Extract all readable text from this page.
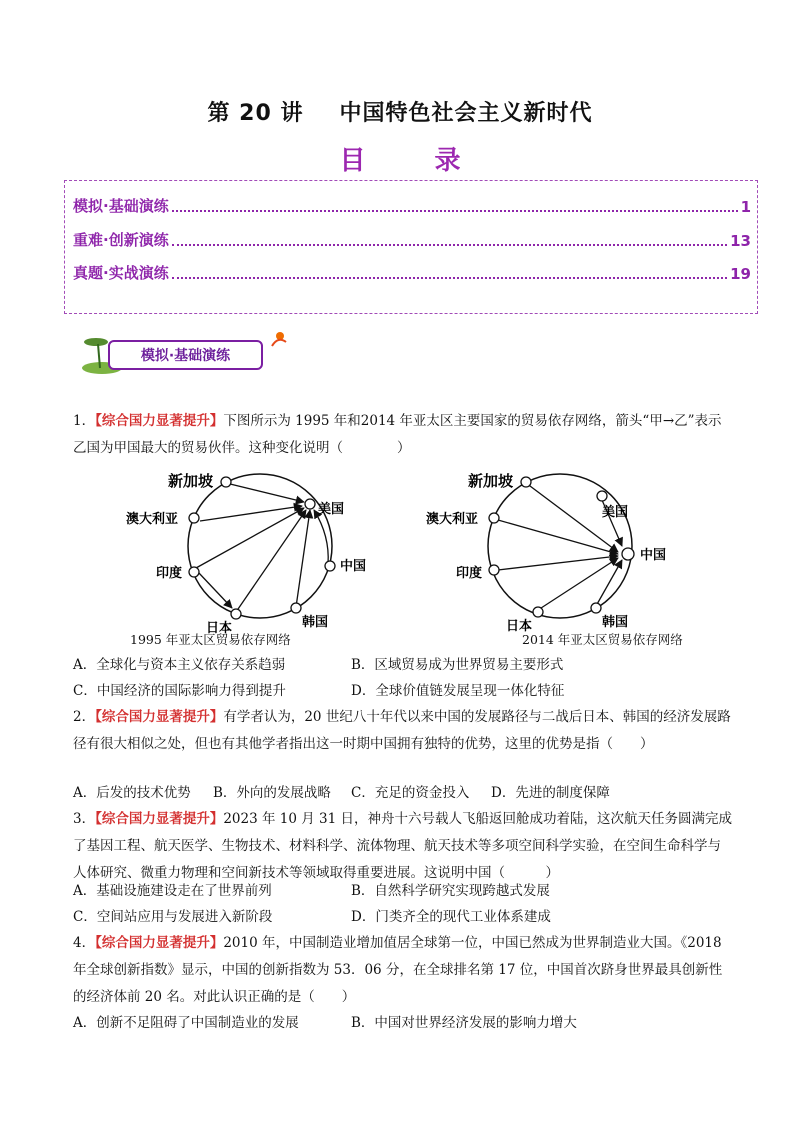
第 20 讲 中国特色社会主义新时代
目 录
模拟·基础演练	1
重难·创新演练	13
真题·实战演练	19
模拟·基础演练
1．【综合国力显著提升】下图所示为 1995 年和2014 年亚太区主要国家的贸易依存网络，箭头“甲→乙”表示乙国为甲国最大的贸易伙伴。这种变化说明（　　　　）
新加坡
美国
澳大利亚
中国
印度
日本	韩国
新加坡
美国
澳大利亚
中国
印度
日本	韩国
1995 年亚太区贸易依存网络	2014 年亚太区贸易依存网络
A．全球化与资本主义依存关系趋弱	B．区域贸易成为世界贸易主要形式
C．中国经济的国际影响力得到提升	D．全球价值链发展呈现一体化特征
2．【综合国力显著提升】有学者认为，20 世纪八十年代以来中国的发展路径与二战后日本、韩国的经济发展路径有很大相似之处，但也有其他学者指出这一时期中国拥有独特的优势，这里的优势是指（　　）
A．后发的技术优势 B．外向的发展战略 C．充足的资金投入 D．先进的制度保障
3．【综合国力显著提升】2023 年 10 月 31 日，神舟十六号载人飞船返回舱成功着陆，这次航天任务圆满完成了基因工程、航天医学、生物技术、材料科学、流体物理、航天技术等多项空间科学实验，在空间生命科学与人体研究、微重力物理和空间新技术等领域取得重要进展。这说明中国（　　　）
A．基础设施建设走在了世界前列	B．自然科学研究实现跨越式发展
C．空间站应用与发展进入新阶段	D．门类齐全的现代工业体系建成
4．【综合国力显著提升】2010 年，中国制造业增加值居全球第一位，中国已然成为世界制造业大国。《2018 年全球创新指数》显示，中国的创新指数为 53．06 分，在全球排名第 17 位，中国首次跻身世界最具创新性的经济体前 20 名。对此认识正确的是（　　）
A．创新不足阻碍了中国制造业的发展	B．中国对世界经济发展的影响力增大
